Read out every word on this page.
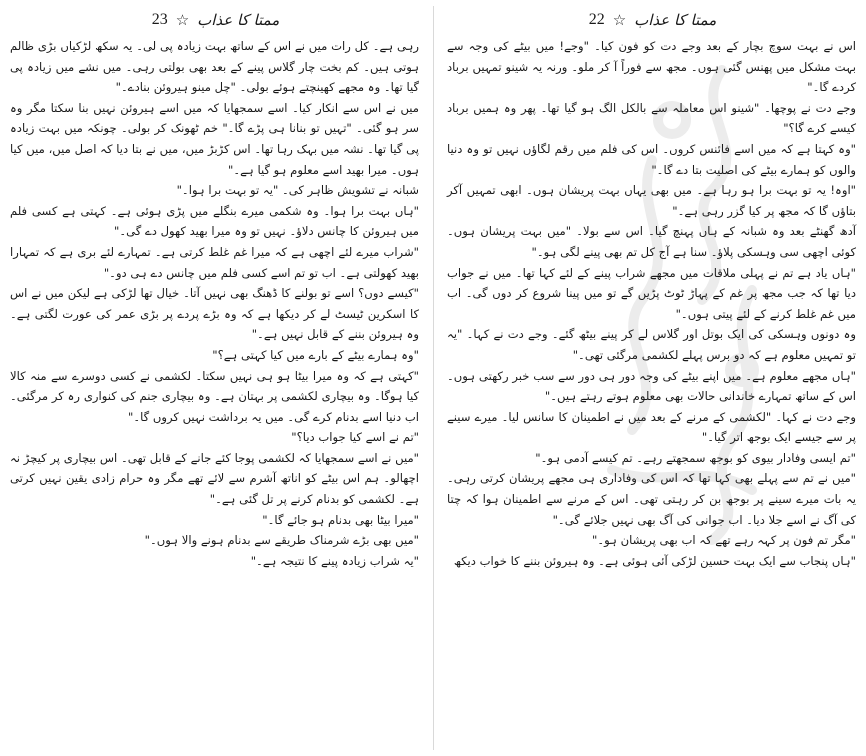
ممتا کا عذاب
☆
23

رہی ہے۔ کل رات میں نے اس کے ساتھ بہت زیادہ پی لی۔ یہ سکھ لڑکیاں بڑی ظالم ہوتی ہیں۔ کم بخت چار گلاس پینے کے بعد بھی بولتی رہی۔ میں نشے میں زیادہ پی گیا تھا۔ وہ مجھے کھینچتے ہوئے بولی۔ "چل مینو ہیروئن بنادے۔"

میں نے اس سے انکار کیا۔ اسے سمجھایا کہ میں اسے ہیروئن نہیں بنا سکتا مگر وہ سر ہو گئی۔ "تہیں تو بنانا ہی پڑے گا۔" خم ٹھونک کر بولی۔ چونکہ میں بہت زیادہ پی گیا تھا۔ نشہ میں بہک رہا تھا۔ اس کڑبڑ میں، میں نے بتا دیا کہ اصل میں، میں کیا ہوں۔ میرا بھید اسے معلوم ہو گیا ہے۔"

شبانہ نے تشویش ظاہر کی۔ "یہ تو بہت برا ہوا۔"

"ہاں بہت برا ہوا۔ وہ شکمی میرے بنگلے میں پڑی ہوئی ہے۔ کہتی ہے کسی فلم میں ہیروئن کا چانس دلاؤ۔ نہیں تو وہ میرا بھید کھول دے گی۔"

"شراب میرے لئے اچھی ہے کہ میرا غم غلط کرتی ہے۔ تمہارے لئے بری ہے کہ تمہارا بھید کھولتی ہے۔ اب تو تم اسے کسی فلم میں چانس دے ہی دو۔"

"کیسے دوں؟ اسے تو بولنے کا ڈھنگ بھی نہیں آتا۔ خیال تھا لڑکی ہے لیکن میں نے اس کا اسکرین ٹیسٹ لے کر دیکھا ہے کہ وہ بڑے پردے پر بڑی عمر کی عورت لگتی ہے۔ وہ ہیروئن بننے کے قابل نہیں ہے۔"

"وہ ہمارے بیٹے کے بارے میں کیا کہتی ہے؟"

"کہتی ہے کہ وہ میرا بیٹا ہو ہی نہیں سکتا۔ لکشمی نے کسی دوسرے سے منہ کالا کیا ہوگا۔ وہ بیچاری لکشمی پر بہتان ہے۔ وہ بیچاری جنم کی کنواری رہ کر مرگئی۔ اب دنیا اسے بدنام کرے گی۔ میں یہ برداشت نہیں کروں گا۔"

"تم نے اسے کیا جواب دیا؟"

"میں نے اسے سمجھایا کہ لکشمی پوجا کئے جانے کے قابل تھی۔ اس بیچاری پر کیچڑ نہ اچھالو۔ ہم اس بیٹے کو اناتھ آشرم سے لائے تھے مگر وہ حرام زادی یقین نہیں کرتی ہے۔ لکشمی کو بدنام کرنے پر تل گئی ہے۔"

"میرا بیٹا بھی بدنام ہو جائے گا۔"

"میں بھی بڑے شرمناک طریقے سے بدنام ہونے والا ہوں۔"

"یہ شراب زیادہ پینے کا نتیجہ ہے۔"

ممتا کا عذاب
☆
22

اس نے بہت سوچ بچار کے بعد وجے دت کو فون کیا۔ "وجے! میں بیٹے کی وجہ سے بہت مشکل میں پھنس گئی ہوں۔ مجھ سے فوراً آ کر ملو۔ ورنہ یہ شینو تمہیں برباد کردے گا۔"

وجے دت نے پوچھا۔ "شینو اس معاملہ سے بالکل الگ ہو گیا تھا۔ پھر وہ ہمیں برباد کیسے کرے گا؟"

"وہ کہتا ہے کہ میں اسے فائنس کروں۔ اس کی فلم میں رقم لگاؤں نہیں تو وہ دنیا والوں کو ہمارے بیٹے کی اصلیت بتا دے گا۔"

"اوہ! یہ تو بہت برا ہو رہا ہے۔ میں بھی یہاں بہت پریشان ہوں۔ ابھی تمہیں آکر بتاؤں گا کہ مجھ پر کیا گزر رہی ہے۔"

آدھ گھنٹے بعد وہ شبانہ کے ہاں پہنچ گیا۔ اس سے بولا۔ "میں بہت پریشان ہوں۔ کوئی اچھی سی وہسکی پلاؤ۔ سنا ہے آج کل تم بھی پینے لگی ہو۔"

"ہاں یاد ہے تم نے پہلی ملاقات میں مجھے شراب پینے کے لئے کہا تھا۔ میں نے جواب دیا تھا کہ جب مجھ پر غم کے پہاڑ ٹوٹ پڑیں گے تو میں پینا شروع کر دوں گی۔ اب میں غم غلط کرنے کے لئے پیتی ہوں۔"

وہ دونوں وہسکی کی ایک بوتل اور گلاس لے کر پینے بیٹھ گئے۔ وجے دت نے کہا۔ "یہ تو تمہیں معلوم ہے کہ دو برس پہلے لکشمی مرگئی تھی۔"

"ہاں مجھے معلوم ہے۔ میں اپنے بیٹے کی وجہ دور ہی دور سے سب خبر رکھتی ہوں۔ اس کے ساتھ تمہارے خاندانی حالات بھی معلوم ہوتے رہتے ہیں۔"

وجے دت نے کہا۔ "لکشمی کے مرنے کے بعد میں نے اطمینان کا سانس لیا۔ میرے سینے پر سے جیسے ایک بوجھ اتر گیا۔"

"تم ایسی وفادار بیوی کو بوجھ سمجھتے رہے۔ تم کیسے آدمی ہو۔"

"میں نے تم سے پہلے بھی کہا تھا کہ اس کی وفاداری ہی مجھے پریشان کرتی رہی۔ یہ بات میرے سینے پر بوجھ بن کر رہتی تھی۔ اس کے مرنے سے اطمینان ہوا کہ چتا کی آگ نے اسے جلا دیا۔ اب جوانی کی آگ بھی نہیں جلائے گی۔"

"مگر تم فون پر کہہ رہے تھے کہ اب بھی پریشان ہو۔"

"ہاں پنجاب سے ایک بہت حسین لڑکی آئی ہوئی ہے۔ وہ ہیروئن بننے کا خواب دیکھ
